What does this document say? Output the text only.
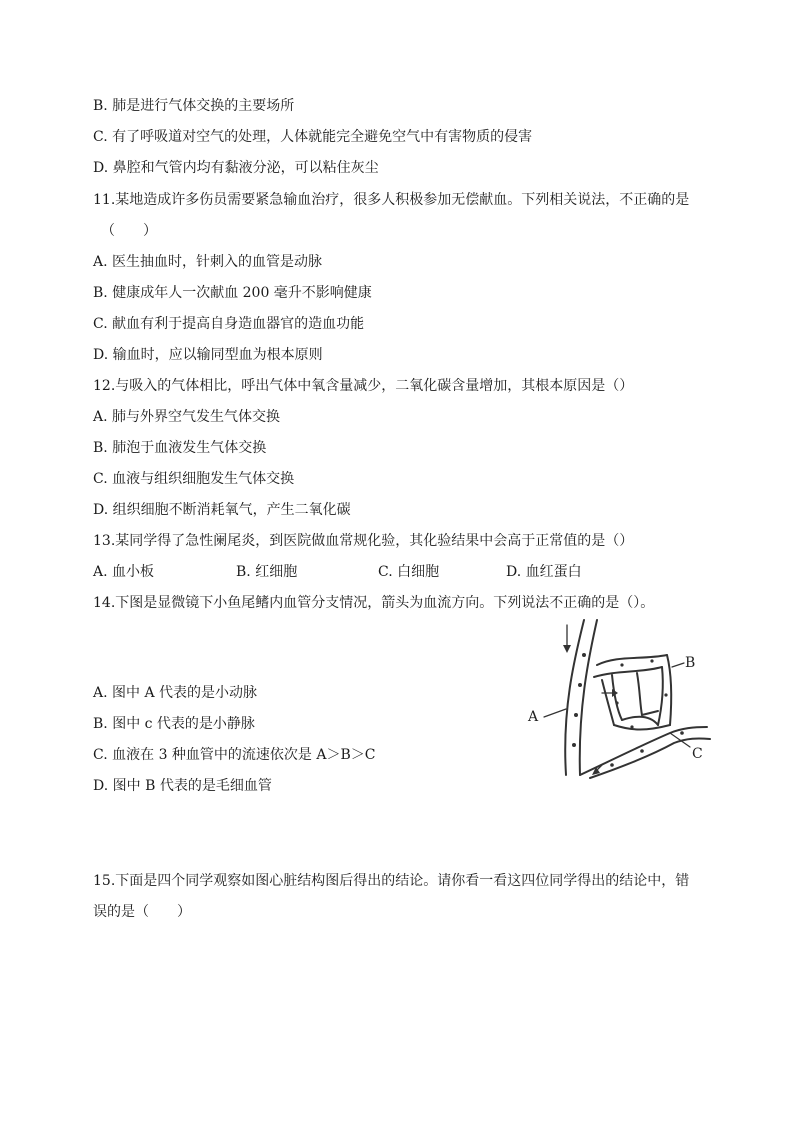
B. 肺是进行气体交换的主要场所
C. 有了呼吸道对空气的处理，人体就能完全避免空气中有害物质的侵害
D. 鼻腔和气管内均有黏液分泌，可以粘住灰尘
11.某地造成许多伤员需要紧急输血治疗，很多人积极参加无偿献血。下列相关说法，不正确的是
（　　）
A. 医生抽血时，针刺入的血管是动脉
B. 健康成年人一次献血 200 毫升不影响健康
C. 献血有利于提高自身造血器官的造血功能
D. 输血时，应以输同型血为根本原则
12.与吸入的气体相比，呼出气体中氧含量减少，二氧化碳含量增加，其根本原因是（）
A. 肺与外界空气发生气体交换
B. 肺泡于血液发生气体交换
C. 血液与组织细胞发生气体交换
D. 组织细胞不断消耗氧气，产生二氧化碳
13.某同学得了急性阑尾炎，到医院做血常规化验，其化验结果中会高于正常值的是（）
A. 血小板	B. 红细胞	C. 白细胞	D. 血红蛋白
14.下图是显微镜下小鱼尾鳍内血管分支情况，箭头为血流方向。下列说法不正确的是（）。
A. 图中 A 代表的是小动脉
B. 图中 c 代表的是小静脉
C. 血液在 3 种血管中的流速依次是 A＞B＞C
D. 图中 B 代表的是毛细血管
A
B
C
15.下面是四个同学观察如图心脏结构图后得出的结论。请你看一看这四位同学得出的结论中，错
误的是（　　）
